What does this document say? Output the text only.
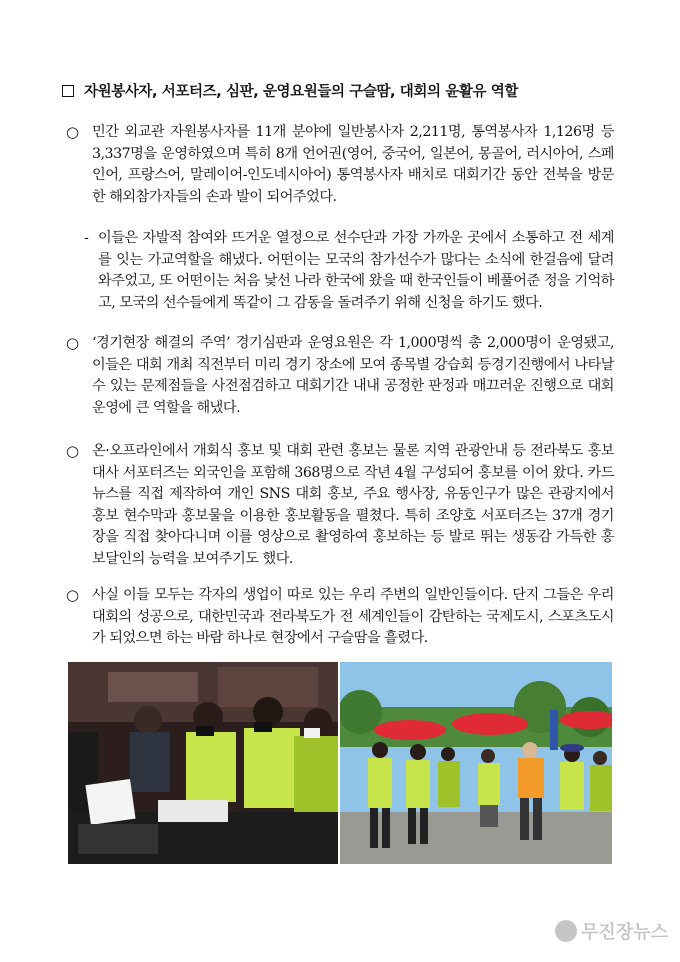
자원봉사자, 서포터즈, 심판, 운영요원들의 구슬땀, 대회의 윤활유 역할
○ 민간 외교관 자원봉사자를 11개 분야에 일반봉사자 2,211명, 통역봉사자 1,126명 등 3,337명을 운영하였으며 특히 8개 언어권(영어, 중국어, 일본어, 몽골어, 러시아어, 스페인어, 프랑스어, 말레이어-인도네시아어) 통역봉사자 배치로 대회기간 동안 전북을 방문한 해외참가자들의 손과 발이 되어주었다.
- 이들은 자발적 참여와 뜨거운 열정으로 선수단과 가장 가까운 곳에서 소통하고 전 세계를 잇는 가교역할을 해냈다. 어떤이는 모국의 참가선수가 많다는 소식에 한걸음에 달려와주었고, 또 어떤이는 처음 낯선 나라 한국에 왔을 때 한국인들이 베풀어준 정을 기억하고, 모국의 선수들에게 똑같이 그 감동을 돌려주기 위해 신청을 하기도 했다.
○ ‘경기현장 해결의 주역’ 경기심판과 운영요원은 각 1,000명씩 총 2,000명이 운영됐고, 이들은 대회 개최 직전부터 미리 경기 장소에 모여 종목별 강습회 등경기진행에서 나타날 수 있는 문제점들을 사전점검하고 대회기간 내내 공정한 판정과 매끄러운 진행으로 대회 운영에 큰 역할을 해냈다.
○ 온·오프라인에서 개회식 홍보 및 대회 관련 홍보는 물론 지역 관광안내 등 전라북도 홍보대사 서포터즈는 외국인을 포함해 368명으로 작년 4월 구성되어 홍보를 이어 왔다. 카드 뉴스를 직접 제작하여 개인 SNS 대회 홍보, 주요 행사장, 유동인구가 많은 관광지에서 홍보 현수막과 홍보물을 이용한 홍보활동을 펼쳤다. 특히 조양호 서포터즈는 37개 경기장을 직접 찾아다니며 이를 영상으로 촬영하여 홍보하는 등 발로 뛰는 생동감 가득한 홍보달인의 능력을 보여주기도 했다.
○ 사실 이들 모두는 각자의 생업이 따로 있는 우리 주변의 일반인들이다. 단지 그들은 우리대회의 성공으로, 대한민국과 전라북도가 전 세계인들이 감탄하는 국제도시, 스포츠도시가 되었으면 하는 바람 하나로 현장에서 구슬땀을 흘렸다.
무진장뉴스
